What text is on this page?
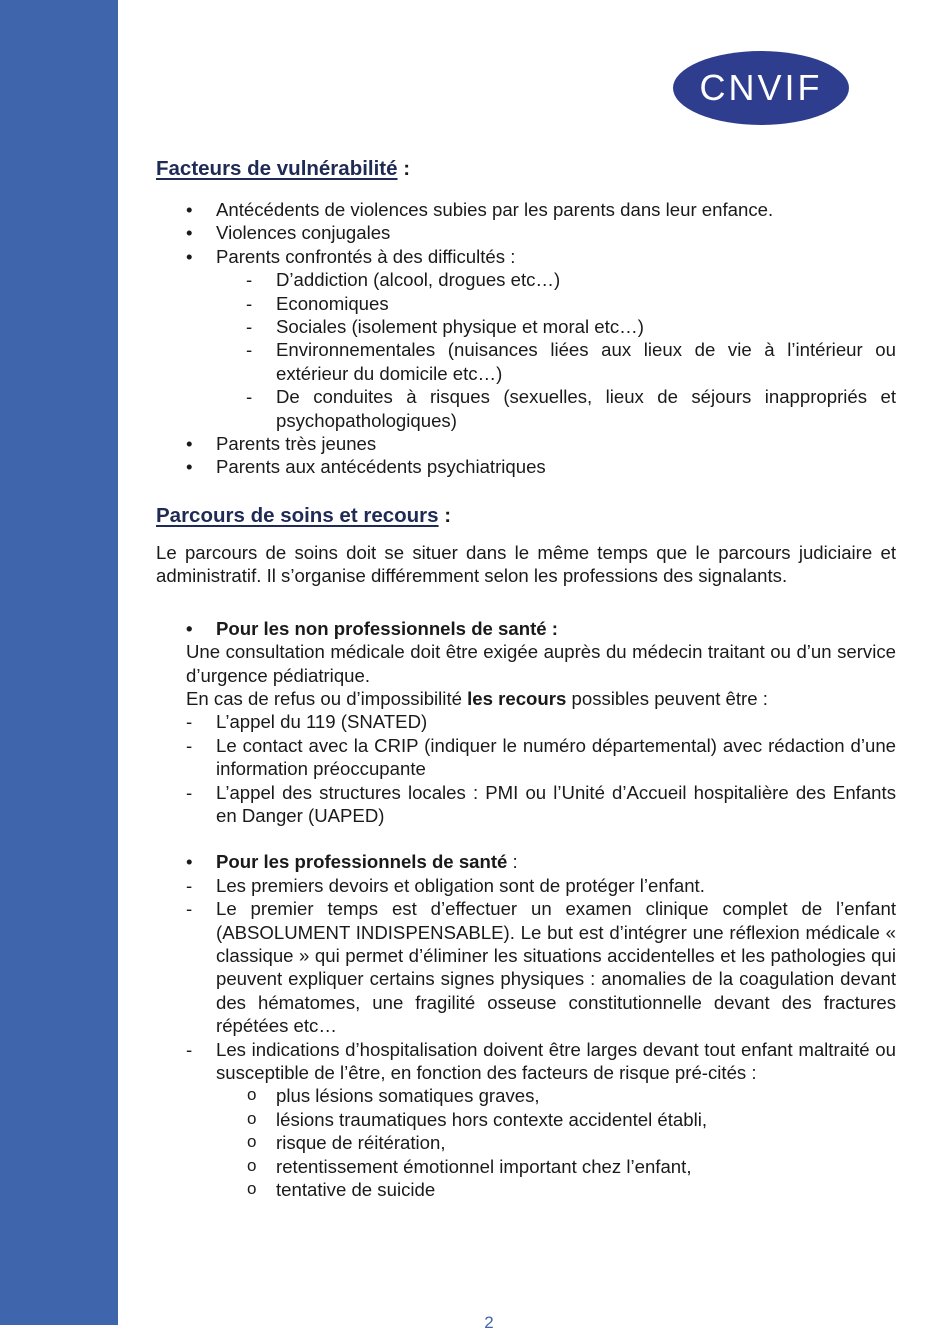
CNVIF
Facteurs de vulnérabilité :
• Antécédents de violences subies par les parents dans leur enfance.
• Violences conjugales
• Parents confrontés à des difficultés :
- D’addiction (alcool, drogues etc…)
- Economiques
- Sociales (isolement physique et moral etc…)
- Environnementales (nuisances liées aux lieux de vie à l’intérieur ou extérieur du domicile etc…)
- De conduites à risques (sexuelles, lieux de séjours inappropriés et psychopathologiques)
• Parents très jeunes
• Parents aux antécédents psychiatriques
Parcours de soins et recours :

Le parcours de soins doit se situer dans le même temps que le parcours judiciaire et administratif. Il s’organise différemment selon les professions des signalants.

• Pour les non professionnels de santé :
Une consultation médicale doit être exigée auprès du médecin traitant ou d’un service d’urgence pédiatrique.
En cas de refus ou d’impossibilité les recours possibles peuvent être :
- L’appel du 119 (SNATED)
- Le contact avec la CRIP (indiquer le numéro départemental) avec rédaction d’une information préoccupante
- L’appel des structures locales : PMI ou l’Unité d’Accueil hospitalière des Enfants en Danger (UAPED)
• Pour les professionnels de santé :
- Les premiers devoirs et obligation sont de protéger l’enfant.
- Le premier temps est d’effectuer un examen clinique complet de l’enfant (ABSOLUMENT INDISPENSABLE). Le but est d’intégrer une réflexion médicale « classique » qui permet d’éliminer les situations accidentelles et les pathologies qui peuvent expliquer certains signes physiques : anomalies de la coagulation devant des hématomes, une fragilité osseuse constitutionnelle devant des fractures répétées etc…
- Les indications d’hospitalisation doivent être larges devant tout enfant maltraité ou susceptible de l’être, en fonction des facteurs de risque pré-cités :
o plus lésions somatiques graves,
o lésions traumatiques hors contexte accidentel établi,
o risque de réitération,
o retentissement émotionnel important chez l’enfant,
o tentative de suicide
2
